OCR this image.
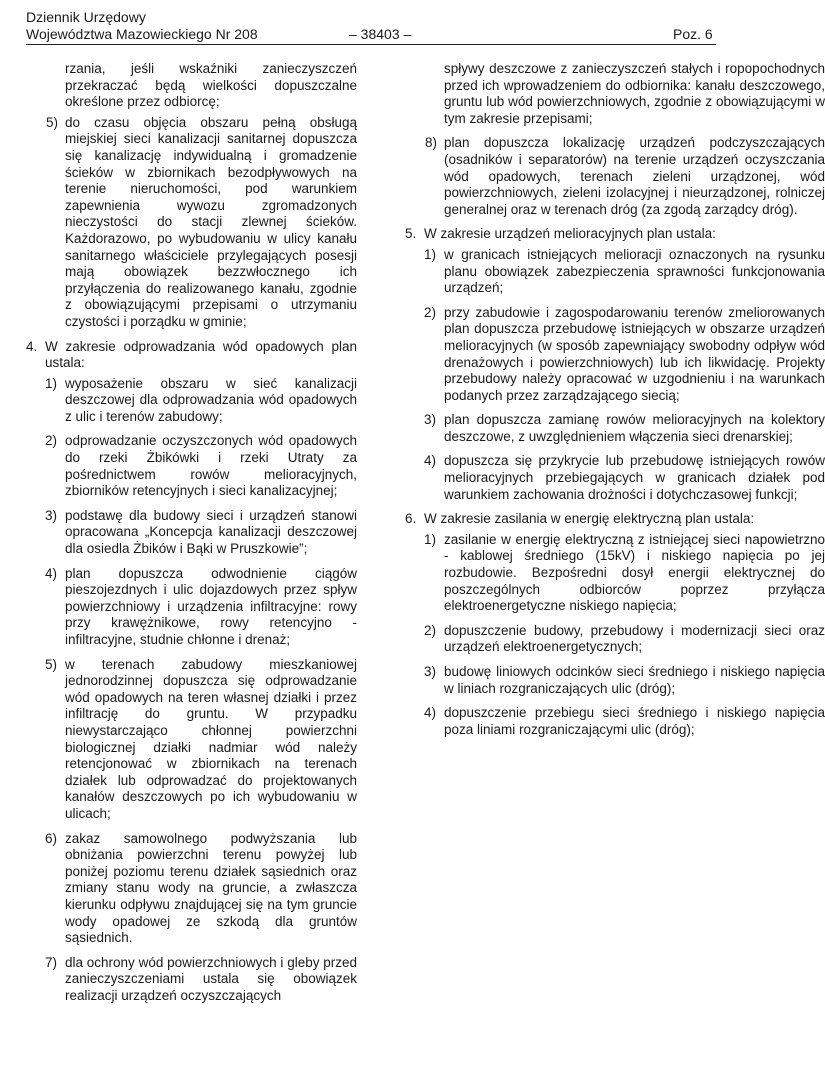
Dziennik Urzędowy
Województwa Mazowieckiego Nr 208	– 38403 –	Poz. 6
rzania, jeśli wskaźniki zanieczyszczeń przekraczać będą wielkości dopuszczalne określone przez odbiorcę;
5) do czasu objęcia obszaru pełną obsługą miejskiej sieci kanalizacji sanitarnej dopuszcza się kanalizację indywidualną i gromadzenie ścieków w zbiornikach bezodpływowych na terenie nieruchomości, pod warunkiem zapewnienia wywozu zgromadzonych nieczystości do stacji zlewnej ścieków. Każdorazowo, po wybudowaniu w ulicy kanału sanitarnego właściciele przylegających posesji mają obowiązek bezzwłocznego ich przyłączenia do realizowanego kanału, zgodnie z obowiązującymi przepisami o utrzymaniu czystości i porządku w gminie;
4. W zakresie odprowadzania wód opadowych plan ustala:
1) wyposażenie obszaru w sieć kanalizacji deszczowej dla odprowadzania wód opadowych z ulic i terenów zabudowy;
2) odprowadzanie oczyszczonych wód opadowych do rzeki Żbikówki i rzeki Utraty za pośrednictwem rowów melioracyjnych, zbiorników retencyjnych i sieci kanalizacyjnej;
3) podstawę dla budowy sieci i urządzeń stanowi opracowana „Koncepcja kanalizacji deszczowej dla osiedla Żbików i Bąki w Pruszkowie”;
4) plan dopuszcza odwodnienie ciągów pieszojezdnych i ulic dojazdowych przez spływ powierzchniowy i urządzenia infiltracyjne: rowy przy krawężnikowe, rowy retencyjno - infiltracyjne, studnie chłonne i drenaż;
5) w terenach zabudowy mieszkaniowej jednorodzinnej dopuszcza się odprowadzanie wód opadowych na teren własnej działki i przez infiltrację do gruntu. W przypadku niewystarczająco chłonnej powierzchni biologicznej działki nadmiar wód należy retencjonować w zbiornikach na terenach działek lub odprowadzać do projektowanych kanałów deszczowych po ich wybudowaniu w ulicach;
6) zakaz samowolnego podwyższania lub obniżania powierzchni terenu powyżej lub poniżej poziomu terenu działek sąsiednich oraz zmiany stanu wody na gruncie, a zwłaszcza kierunku odpływu znajdującej się na tym gruncie wody opadowej ze szkodą dla gruntów sąsiednich.
7) dla ochrony wód powierzchniowych i gleby przed zanieczyszczeniami ustala się obowiązek realizacji urządzeń oczyszczających
spływy deszczowe z zanieczyszczeń stałych i ropopochodnych przed ich wprowadzeniem do odbiornika: kanału deszczowego, gruntu lub wód powierzchniowych, zgodnie z obowiązującymi w tym zakresie przepisami;
8) plan dopuszcza lokalizację urządzeń podczyszczających (osadników i separatorów) na terenie urządzeń oczyszczania wód opadowych, terenach zieleni urządzonej, wód powierzchniowych, zieleni izolacyjnej i nieurządzonej, rolniczej generalnej oraz w terenach dróg (za zgodą zarządcy dróg).
5. W zakresie urządzeń melioracyjnych plan ustala:
1) w granicach istniejących melioracji oznaczonych na rysunku planu obowiązek zabezpieczenia sprawności funkcjonowania urządzeń;
2) przy zabudowie i zagospodarowaniu terenów zmeliorowanych plan dopuszcza przebudowę istniejących w obszarze urządzeń melioracyjnych (w sposób zapewniający swobodny odpływ wód drenażowych i powierzchniowych) lub ich likwidację. Projekty przebudowy należy opracować w uzgodnieniu i na warunkach podanych przez zarządzającego siecią;
3) plan dopuszcza zamianę rowów melioracyjnych na kolektory deszczowe, z uwzględnieniem włączenia sieci drenarskiej;
4) dopuszcza się przykrycie lub przebudowę istniejących rowów melioracyjnych przebiegających w granicach działek pod warunkiem zachowania drożności i dotychczasowej funkcji;
6. W zakresie zasilania w energię elektryczną plan ustala:
1) zasilanie w energię elektryczną z istniejącej sieci napowietrzno - kablowej średniego (15kV) i niskiego napięcia po jej rozbudowie. Bezpośredni dosył energii elektrycznej do poszczególnych odbiorców poprzez przyłącza elektroenergetyczne niskiego napięcia;
2) dopuszczenie budowy, przebudowy i modernizacji sieci oraz urządzeń elektroenergetycznych;
3) budowę liniowych odcinków sieci średniego i niskiego napięcia w liniach rozgraniczających ulic (dróg);
4) dopuszczenie przebiegu sieci średniego i niskiego napięcia poza liniami rozgraniczającymi ulic (dróg);
